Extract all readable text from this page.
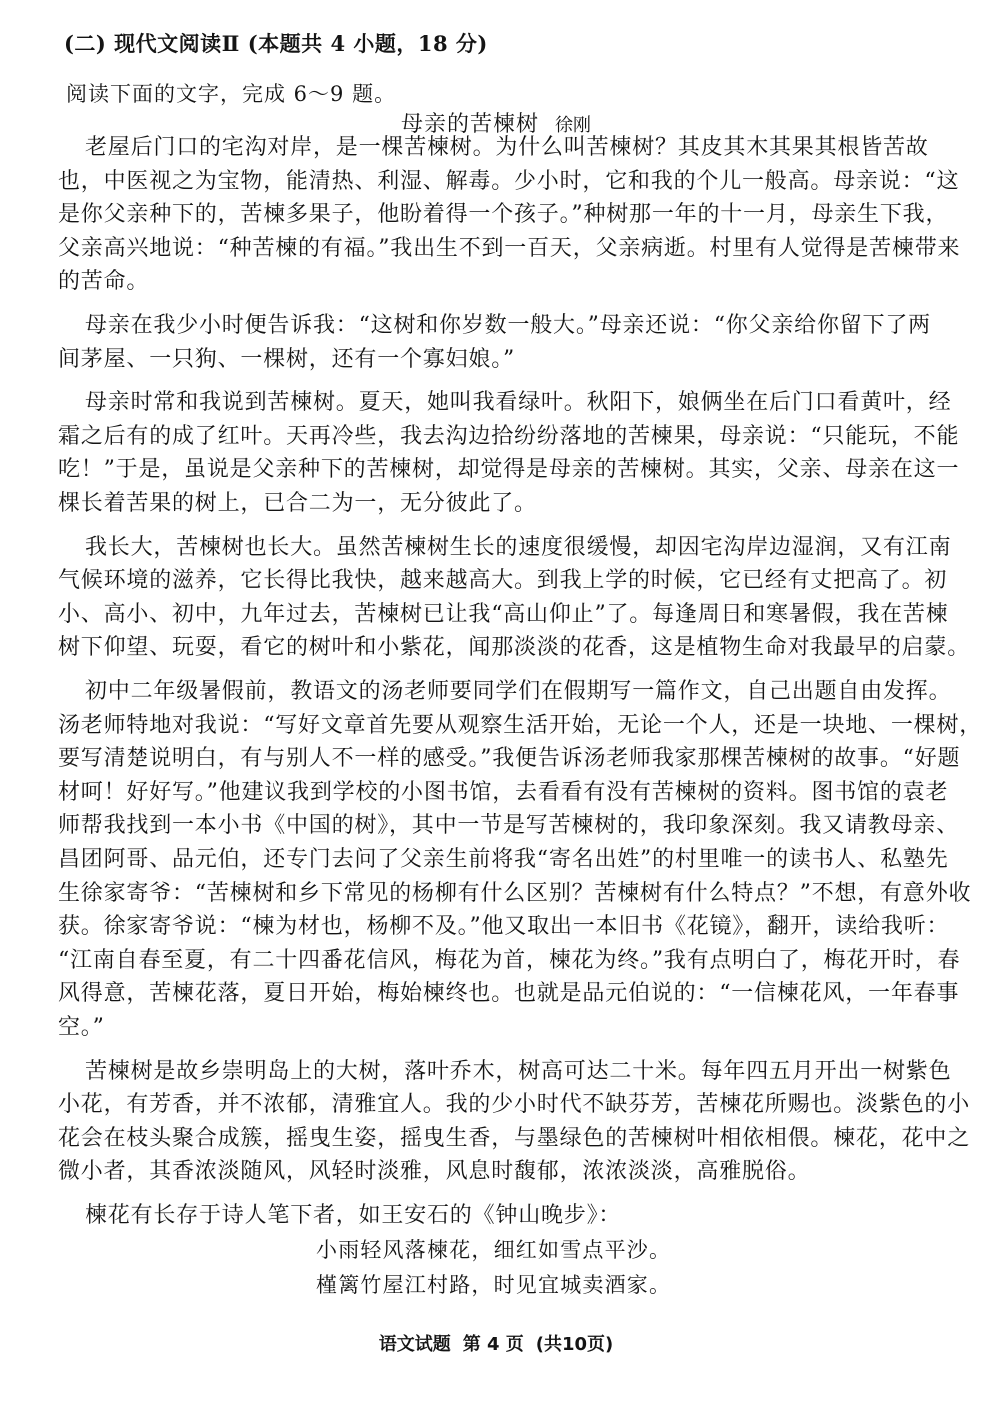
(二) 现代文阅读Ⅱ (本题共 4 小题，18 分)
阅读下面的文字，完成 6～9 题。
母亲的苦楝树 徐刚
老屋后门口的宅沟对岸，是一棵苦楝树。为什么叫苦楝树？其皮其木其果其根皆苦故
也，中医视之为宝物，能清热、利湿、解毒。少小时，它和我的个儿一般高。母亲说：“这
是你父亲种下的，苦楝多果子，他盼着得一个孩子。”种树那一年的十一月，母亲生下我，
父亲高兴地说：“种苦楝的有福。”我出生不到一百天，父亲病逝。村里有人觉得是苦楝带来
的苦命。
母亲在我少小时便告诉我：“这树和你岁数一般大。”母亲还说：“你父亲给你留下了两
间茅屋、一只狗、一棵树，还有一个寡妇娘。”
母亲时常和我说到苦楝树。夏天，她叫我看绿叶。秋阳下，娘俩坐在后门口看黄叶，经
霜之后有的成了红叶。天再冷些，我去沟边拾纷纷落地的苦楝果，母亲说：“只能玩，不能
吃！”于是，虽说是父亲种下的苦楝树，却觉得是母亲的苦楝树。其实，父亲、母亲在这一
棵长着苦果的树上，已合二为一，无分彼此了。
我长大，苦楝树也长大。虽然苦楝树生长的速度很缓慢，却因宅沟岸边湿润，又有江南
气候环境的滋养，它长得比我快，越来越高大。到我上学的时候，它已经有丈把高了。初
小、高小、初中，九年过去，苦楝树已让我“高山仰止”了。每逢周日和寒暑假，我在苦楝
树下仰望、玩耍，看它的树叶和小紫花，闻那淡淡的花香，这是植物生命对我最早的启蒙。
初中二年级暑假前，教语文的汤老师要同学们在假期写一篇作文，自己出题自由发挥。
汤老师特地对我说：“写好文章首先要从观察生活开始，无论一个人，还是一块地、一棵树，
要写清楚说明白，有与别人不一样的感受。”我便告诉汤老师我家那棵苦楝树的故事。“好题
材呵！好好写。”他建议我到学校的小图书馆，去看看有没有苦楝树的资料。图书馆的袁老
师帮我找到一本小书《中国的树》，其中一节是写苦楝树的，我印象深刻。我又请教母亲、
昌团阿哥、品元伯，还专门去问了父亲生前将我“寄名出姓”的村里唯一的读书人、私塾先
生徐家寄爷：“苦楝树和乡下常见的杨柳有什么区别？苦楝树有什么特点？”不想，有意外收
获。徐家寄爷说：“楝为材也，杨柳不及。”他又取出一本旧书《花镜》，翻开，读给我听：
“江南自春至夏，有二十四番花信风，梅花为首，楝花为终。”我有点明白了，梅花开时，春
风得意，苦楝花落，夏日开始，梅始楝终也。也就是品元伯说的：“一信楝花风，一年春事
空。”
苦楝树是故乡崇明岛上的大树，落叶乔木，树高可达二十米。每年四五月开出一树紫色
小花，有芳香，并不浓郁，清雅宜人。我的少小时代不缺芬芳，苦楝花所赐也。淡紫色的小
花会在枝头聚合成簇，摇曳生姿，摇曳生香，与墨绿色的苦楝树叶相依相偎。楝花，花中之
微小者，其香浓淡随风，风轻时淡雅，风息时馥郁，浓浓淡淡，高雅脱俗。
楝花有长存于诗人笔下者，如王安石的《钟山晚步》：
小雨轻风落楝花，细红如雪点平沙。
槿篱竹屋江村路，时见宜城卖酒家。
语文试题 第 4 页 (共10页)
